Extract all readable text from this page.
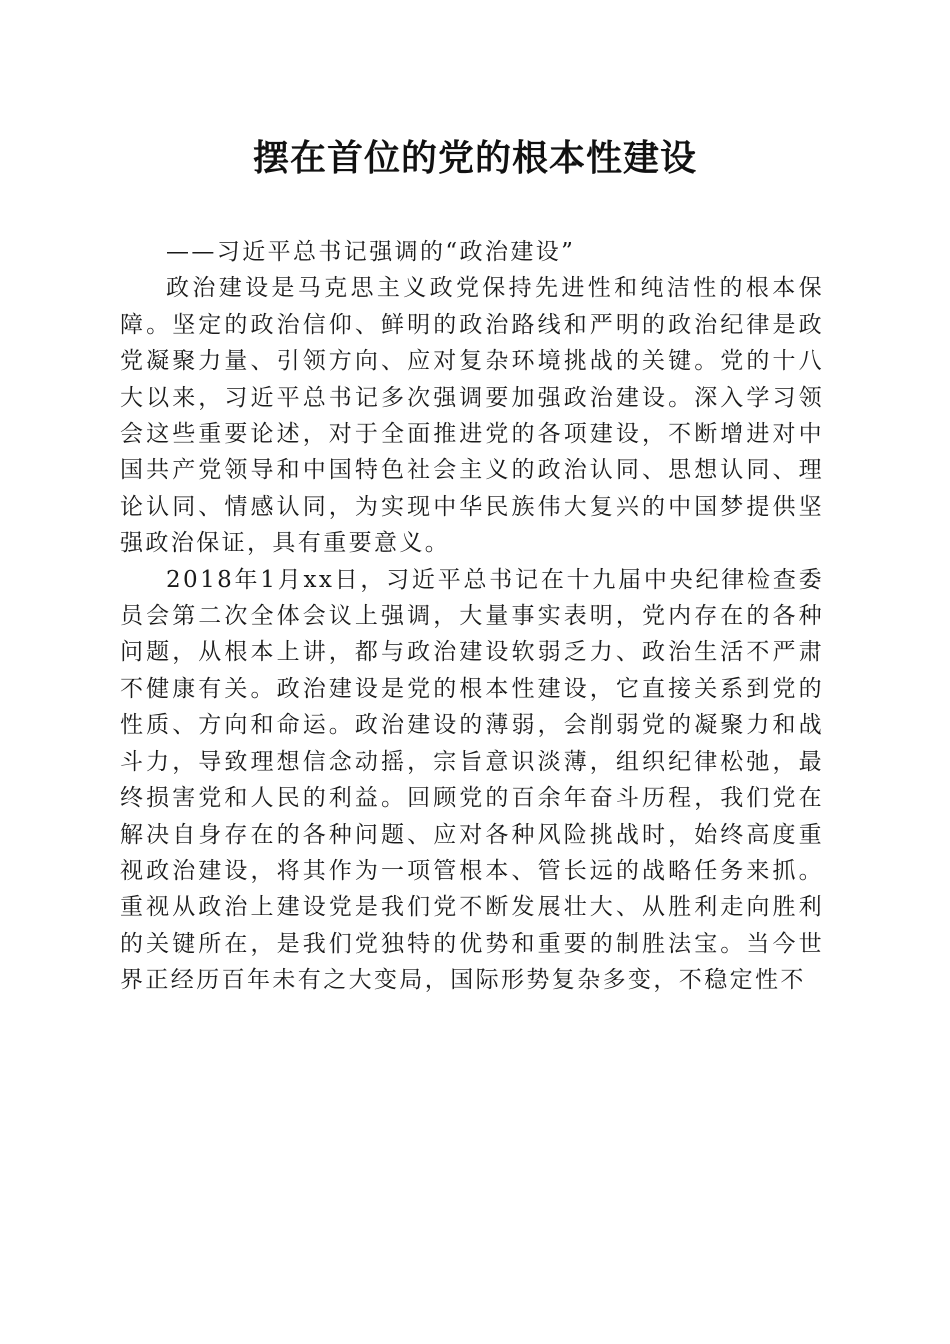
摆在首位的党的根本性建设

——习近平总书记强调的“政治建设”

政治建设是马克思主义政党保持先进性和纯洁性的根本保障。坚定的政治信仰、鲜明的政治路线和严明的政治纪律是政党凝聚力量、引领方向、应对复杂环境挑战的关键。党的十八大以来，习近平总书记多次强调要加强政治建设。深入学习领会这些重要论述，对于全面推进党的各项建设，不断增进对中国共产党领导和中国特色社会主义的政治认同、思想认同、理论认同、情感认同，为实现中华民族伟大复兴的中国梦提供坚强政治保证，具有重要意义。

2018年1月xx日，习近平总书记在十九届中央纪律检查委员会第二次全体会议上强调，大量事实表明，党内存在的各种问题，从根本上讲，都与政治建设软弱乏力、政治生活不严肃不健康有关。政治建设是党的根本性建设，它直接关系到党的性质、方向和命运。政治建设的薄弱，会削弱党的凝聚力和战斗力，导致理想信念动摇，宗旨意识淡薄，组织纪律松弛，最终损害党和人民的利益。回顾党的百余年奋斗历程，我们党在解决自身存在的各种问题、应对各种风险挑战时，始终高度重视政治建设，将其作为一项管根本、管长远的战略任务来抓。重视从政治上建设党是我们党不断发展壮大、从胜利走向胜利的关键所在，是我们党独特的优势和重要的制胜法宝。当今世界正经历百年未有之大变局，国际形势复杂多变，不稳定性不
